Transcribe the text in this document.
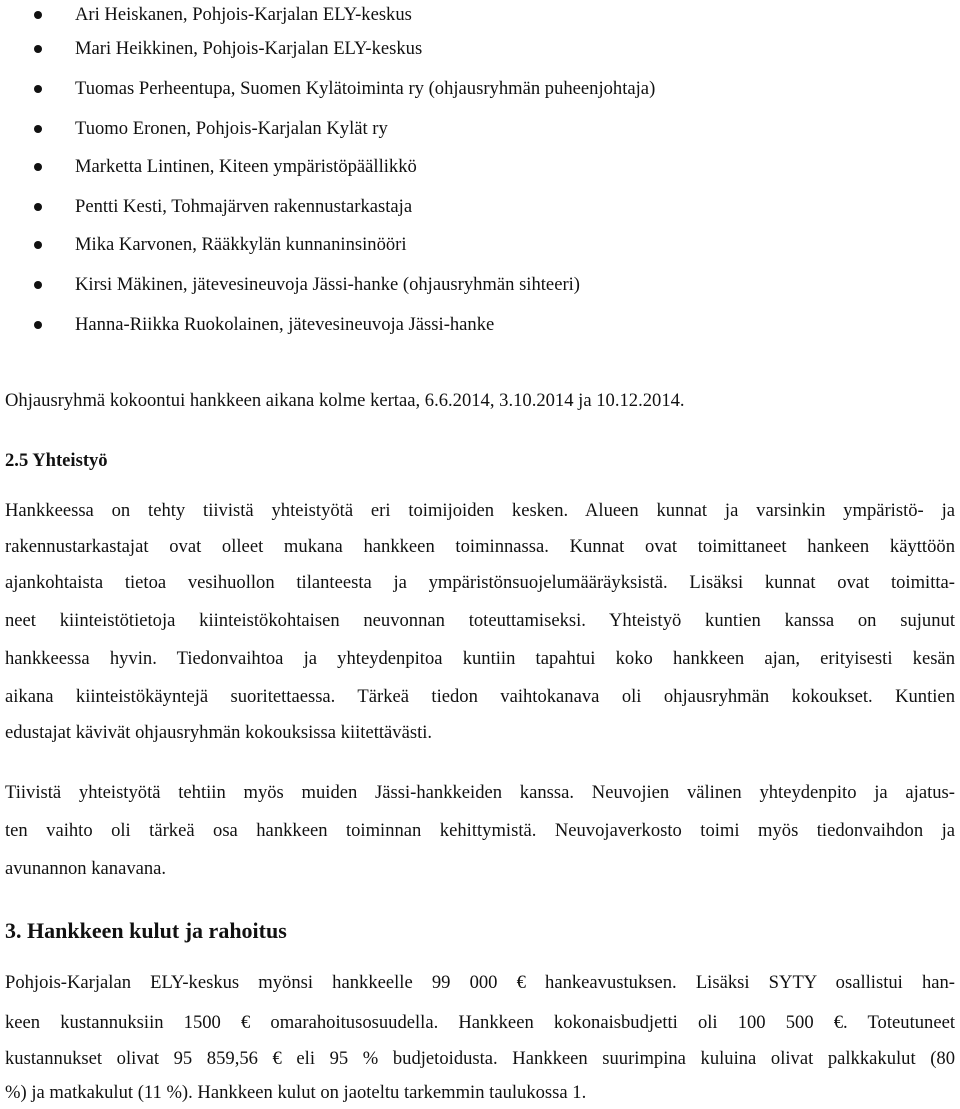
Ari Heiskanen, Pohjois-Karjalan ELY-keskus
Mari Heikkinen, Pohjois-Karjalan ELY-keskus
Tuomas Perheentupa, Suomen Kylätoiminta ry (ohjausryhmän puheenjohtaja)
Tuomo Eronen, Pohjois-Karjalan Kylät ry
Marketta Lintinen, Kiteen ympäristöpäällikkö
Pentti Kesti, Tohmajärven rakennustarkastaja
Mika Karvonen, Rääkkylän kunnaninsinööri
Kirsi Mäkinen, jätevesineuvoja Jässi-hanke (ohjausryhmän sihteeri)
Hanna-Riikka Ruokolainen, jätevesineuvoja Jässi-hanke
Ohjausryhmä kokoontui hankkeen aikana kolme kertaa, 6.6.2014, 3.10.2014 ja 10.12.2014.
2.5 Yhteistyö
Hankkeessa on tehty tiivistä yhteistyötä eri toimijoiden kesken. Alueen kunnat ja varsinkin ympäristö- ja
rakennustarkastajat ovat olleet mukana hankkeen toiminnassa. Kunnat ovat toimittaneet hankeen käyttöön
ajankohtaista tietoa vesihuollon tilanteesta ja ympäristönsuojelumääräyksistä. Lisäksi kunnat ovat toimitta-
neet kiinteistötietoja kiinteistökohtaisen neuvonnan toteuttamiseksi. Yhteistyö kuntien kanssa on sujunut
hankkeessa hyvin. Tiedonvaihtoa ja yhteydenpitoa kuntiin tapahtui koko hankkeen ajan, erityisesti kesän
aikana kiinteistökäyntejä suoritettaessa. Tärkeä tiedon vaihtokanava oli ohjausryhmän kokoukset. Kuntien
edustajat kävivät ohjausryhmän kokouksissa kiitettävästi.
Tiivistä yhteistyötä tehtiin myös muiden Jässi-hankkeiden kanssa. Neuvojien välinen yhteydenpito ja ajatus-
ten vaihto oli tärkeä osa hankkeen toiminnan kehittymistä. Neuvojaverkosto toimi myös tiedonvaihdon ja
avunannon kanavana.
3. Hankkeen kulut ja rahoitus
Pohjois-Karjalan ELY-keskus myönsi hankkeelle 99 000 € hankeavustuksen. Lisäksi SYTY osallistui han-
keen kustannuksiin 1500 € omarahoitusosuudella. Hankkeen kokonaisbudjetti oli 100 500 €. Toteutuneet
kustannukset olivat 95 859,56 € eli 95 % budjetoidusta. Hankkeen suurimpina kuluina olivat palkkakulut (80
%) ja matkakulut (11 %). Hankkeen kulut on jaoteltu tarkemmin taulukossa 1.
